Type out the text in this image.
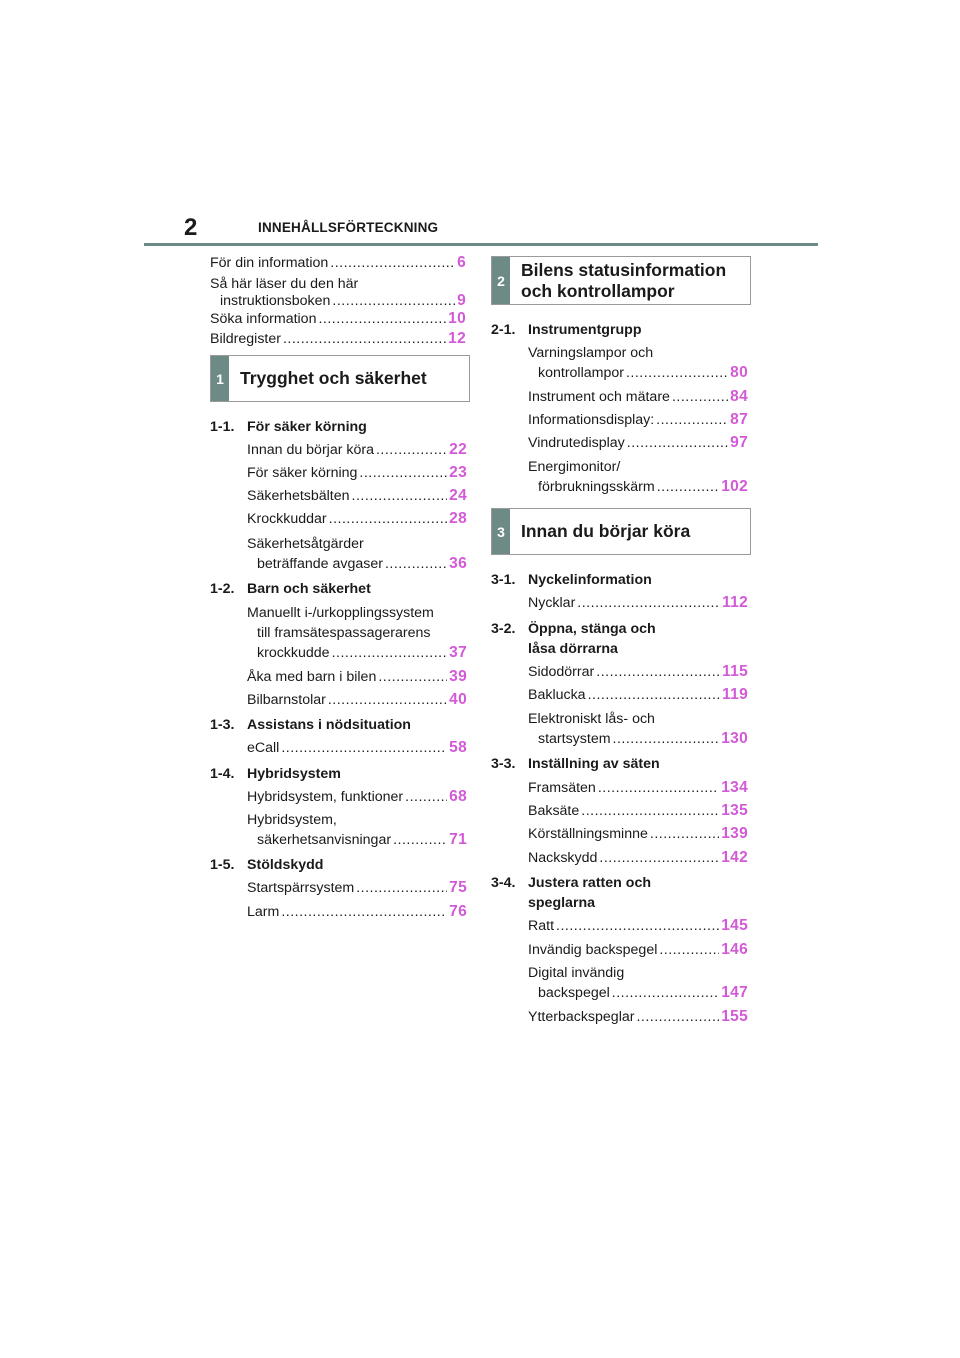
2	INNEHÅLLSFÖRTECKNING
För din information .....	6
Så här läser du den här
instruktionsboken .....	9
Söka information .....	10
Bildregister .....	12
1 Trygghet och säkerhet
1-1. För säker körning
Innan du börjar köra .....	22
För säker körning .....	23
Säkerhetsbälten .....	24
Krockkuddar .....	28
Säkerhetsåtgärder
beträffande avgaser .....	36
1-2. Barn och säkerhet
Manuellt i-/urkopplingssystem
till framsätespassagerarens
krockkudde .....	37
Åka med barn i bilen .....	39
Bilbarnstolar .....	40
1-3. Assistans i nödsituation
eCall .....	58
1-4. Hybridsystem
Hybridsystem, funktioner .....	68
Hybridsystem,
säkerhetsanvisningar .....	71
1-5. Stöldskydd
Startspärrsystem .....	75
Larm .....	76
2
Bilens statusinformation
och kontrollampor
2-1. Instrumentgrupp
Varningslampor och
kontrollampor .....	80
Instrument och mätare .....	84
Informationsdisplay: .....	87
Vindrutedisplay .....	97
Energimonitor/
förbrukningsskärm .....	102
3 Innan du börjar köra
3-1. Nyckelinformation
Nycklar .....	112
3-2. Öppna, stänga och
låsa dörrarna
Sidodörrar .....	115
Baklucka .....	119
Elektroniskt lås- och
startsystem .....	130
3-3. Inställning av säten
Framsäten .....	134
Baksäte .....	135
Körställningsminne .....	139
Nackskydd .....	142
3-4. Justera ratten och
speglarna
Ratt .....	145
Invändig backspegel .....	146
Digital invändig
backspegel .....	147
Ytterbackspeglar .....	155
